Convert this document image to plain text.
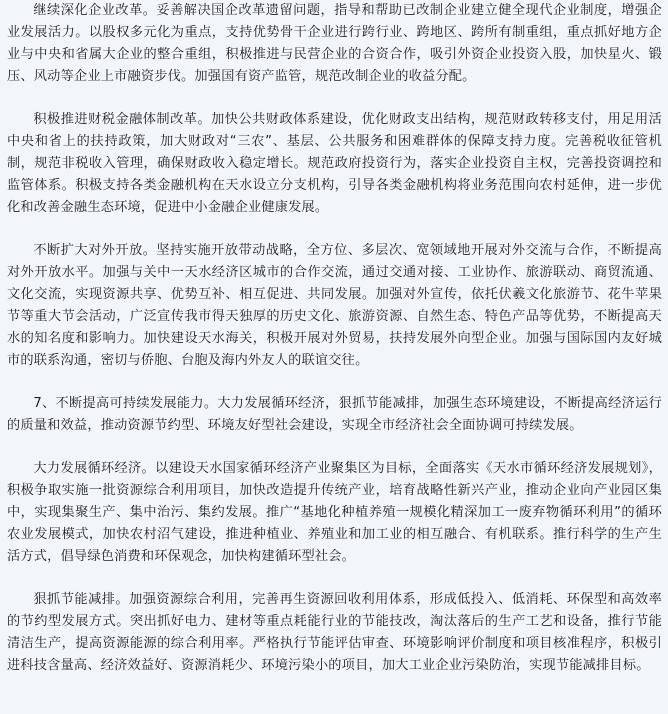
继续深化企业改革。妥善解决国企改革遗留问题，指导和帮助已改制企业建立健全现代企业制度，增强企业发展活力。以股权多元化为重点，支持优势骨干企业进行跨行业、跨地区、跨所有制重组，重点抓好地方企业与中央和省属大企业的整合重组，积极推进与民营企业的合资合作，吸引外资企业投资入股，加快星火、锻压、风动等企业上市融资步伐。加强国有资产监管，规范改制企业的收益分配。

积极推进财税金融体制改革。加快公共财政体系建设，优化财政支出结构，规范财政转移支付，用足用活中央和省上的扶持政策，加大财政对“三农”、基层、公共服务和困难群体的保障支持力度。完善税收征管机制，规范非税收入管理，确保财政收入稳定增长。规范政府投资行为，落实企业投资自主权，完善投资调控和监管体系。积极支持各类金融机构在天水设立分支机构，引导各类金融机构将业务范围向农村延伸，进一步优化和改善金融生态环境，促进中小金融企业健康发展。

不断扩大对外开放。坚持实施开放带动战略，全方位、多层次、宽领域地开展对外交流与合作，不断提高对外开放水平。加强与关中一天水经济区城市的合作交流，通过交通对接、工业协作、旅游联动、商贸流通、文化交流，实现资源共享、优势互补、相互促进、共同发展。加强对外宣传，依托伏羲文化旅游节、花牛苹果节等重大节会活动，广泛宣传我市得天独厚的历史文化、旅游资源、自然生态、特色产品等优势，不断提高天水的知名度和影响力。加快建设天水海关，积极开展对外贸易，扶持发展外向型企业。加强与国际国内友好城市的联系沟通，密切与侨胞、台胞及海内外友人的联谊交往。

7、不断提高可持续发展能力。大力发展循环经济，狠抓节能减排，加强生态环境建设，不断提高经济运行的质量和效益，推动资源节约型、环境友好型社会建设，实现全市经济社会全面协调可持续发展。

大力发展循环经济。以建设天水国家循环经济产业聚集区为目标，全面落实《天水市循环经济发展规划》，积极争取实施一批资源综合利用项目，加快改造提升传统产业，培育战略性新兴产业，推动企业向产业园区集中，实现集聚生产、集中治污、集约发展。推广“基地化种植养殖一规模化精深加工一废弃物循环利用”的循环农业发展模式，加快农村沼气建设，推进种植业、养殖业和加工业的相互融合、有机联系。推行科学的生产生活方式，倡导绿色消费和环保观念，加快构建循环型社会。

狠抓节能减排。加强资源综合利用，完善再生资源回收利用体系，形成低投入、低消耗、环保型和高效率的节约型发展方式。突出抓好电力、建材等重点耗能行业的节能技改，淘汰落后的生产工艺和设备，推行节能清洁生产，提高资源能源的综合利用率。严格执行节能评估审查、环境影响评价制度和项目核准程序，积极引进科技含量高、经济效益好、资源消耗少、环境污染小的项目，加大工业企业污染防治，实现节能减排目标。
